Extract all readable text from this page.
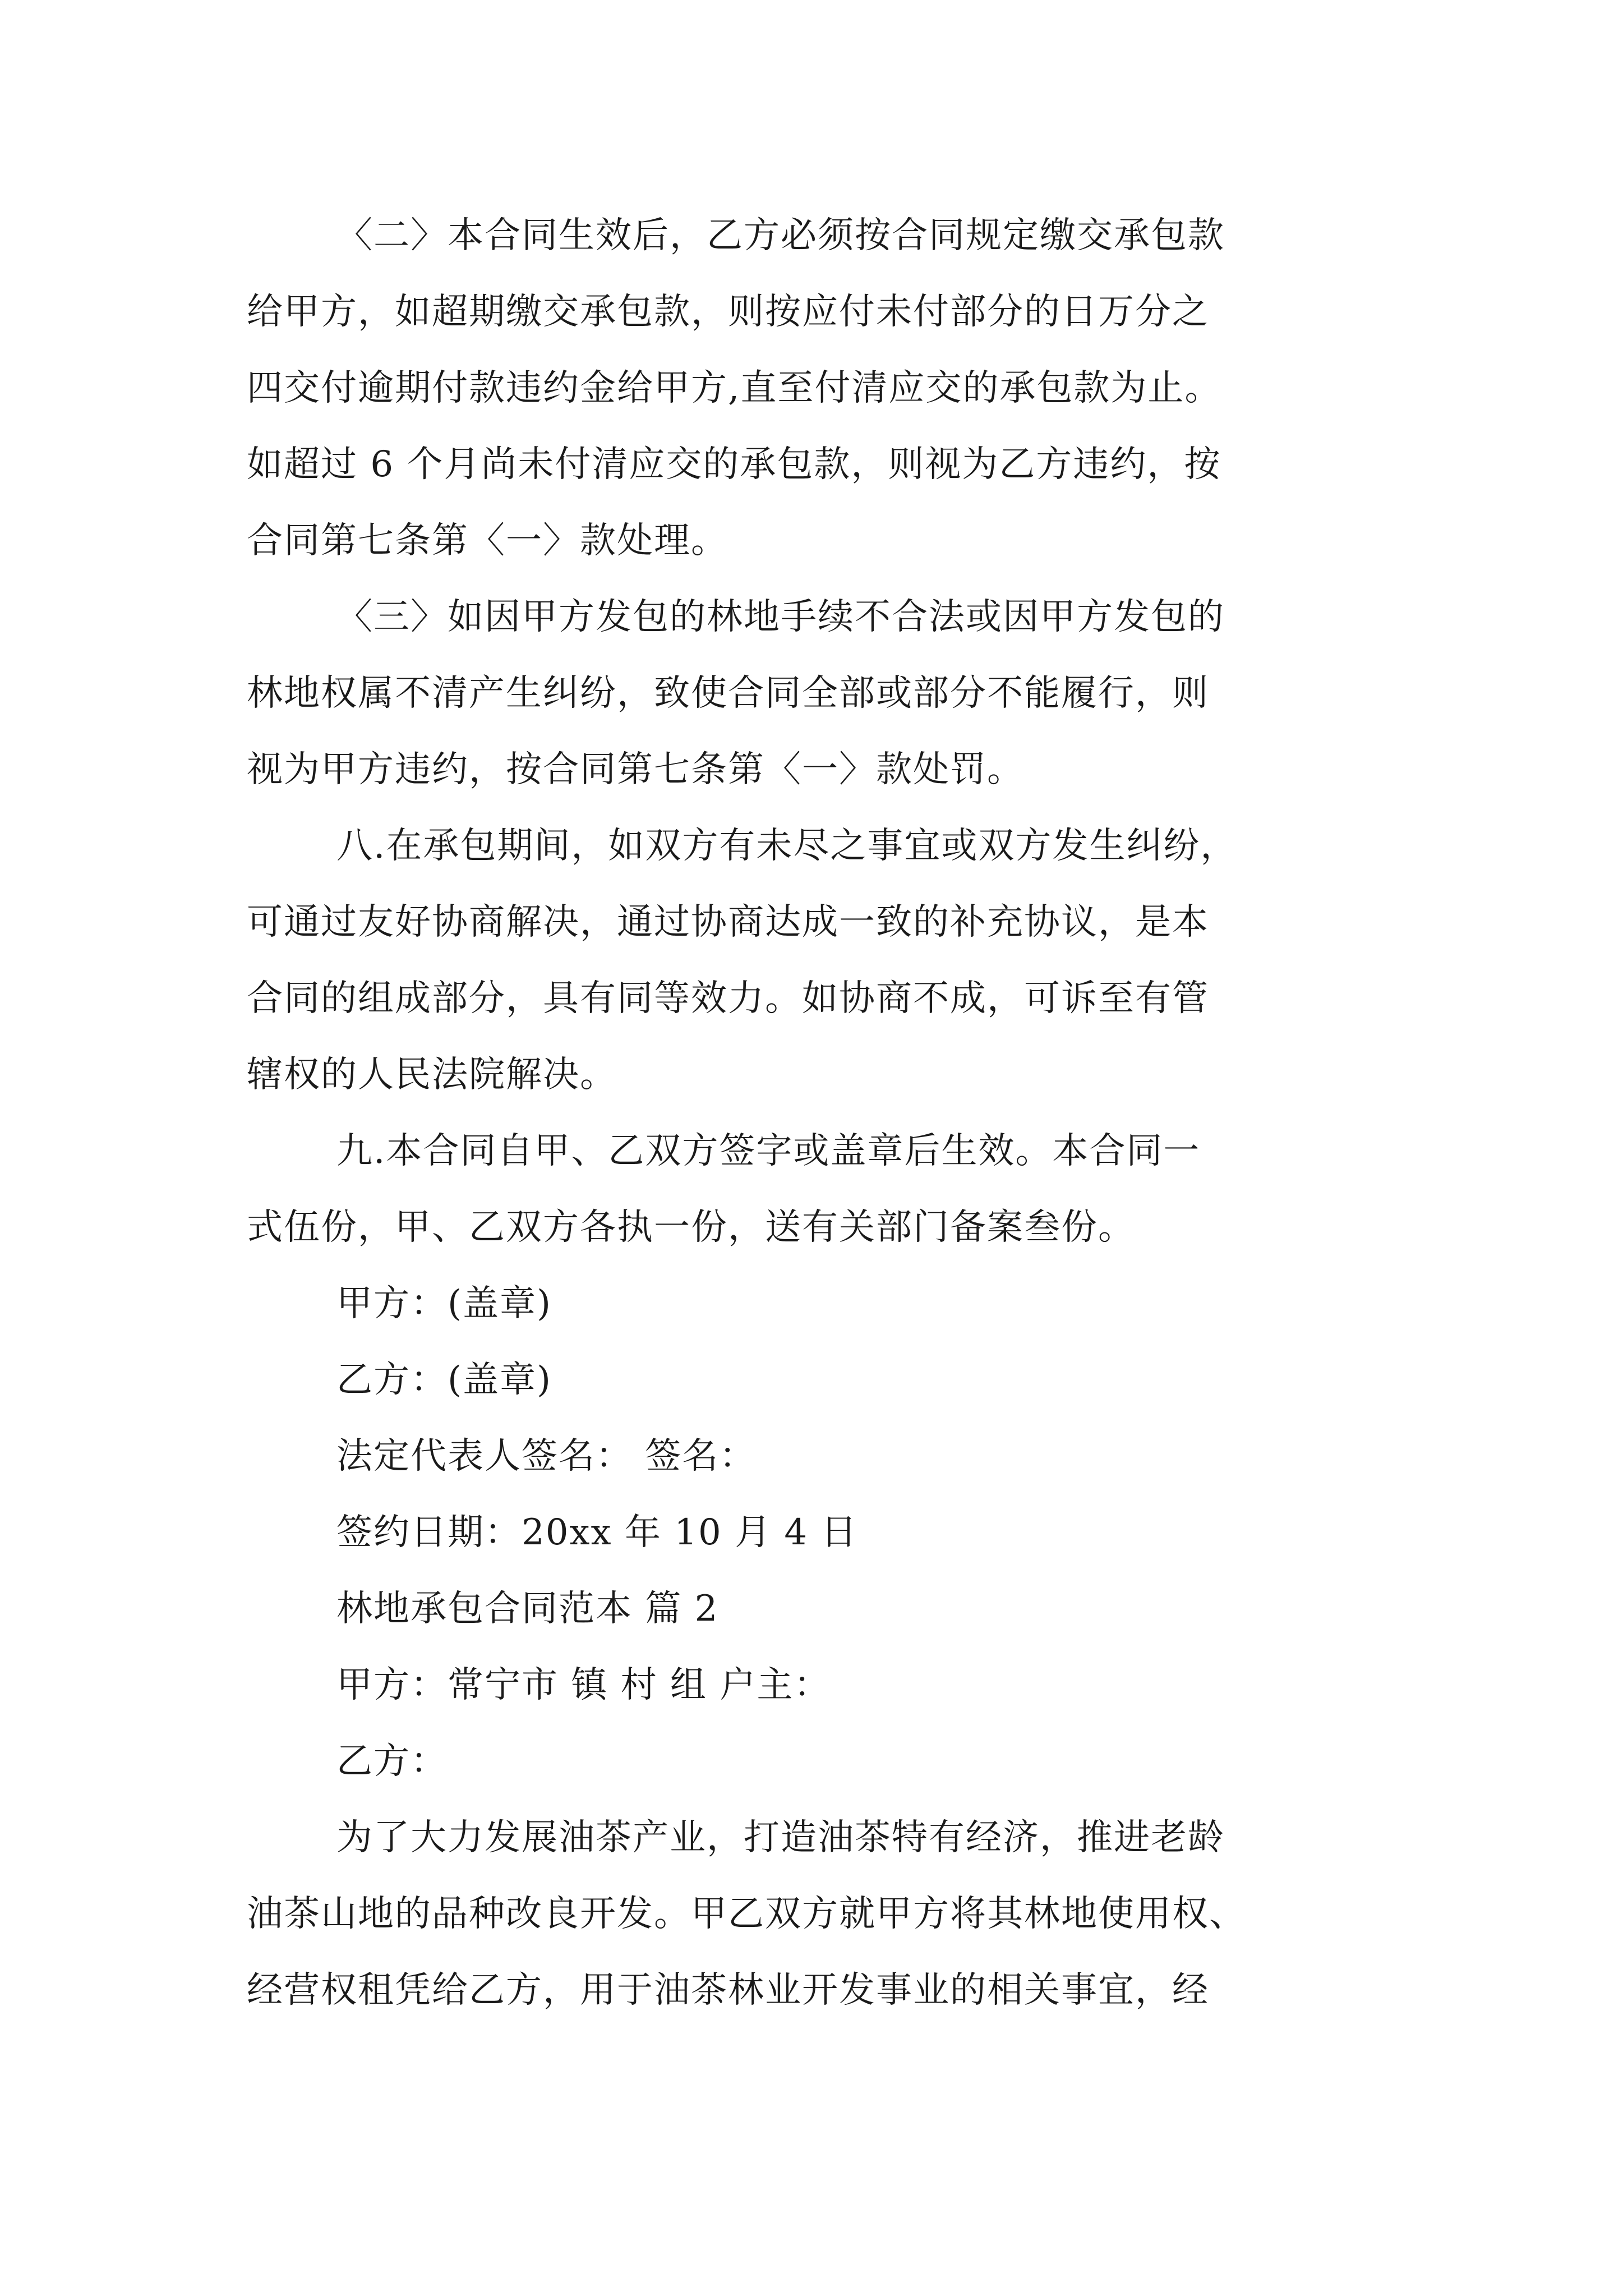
〈二〉本合同生效后，乙方必须按合同规定缴交承包款
给甲方，如超期缴交承包款，则按应付未付部分的日万分之
四交付逾期付款违约金给甲方,直至付清应交的承包款为止。
如超过 6 个月尚未付清应交的承包款，则视为乙方违约，按
合同第七条第〈一〉款处理。
〈三〉如因甲方发包的林地手续不合法或因甲方发包的
林地权属不清产生纠纷，致使合同全部或部分不能履行，则
视为甲方违约，按合同第七条第〈一〉款处罚。
八.在承包期间，如双方有未尽之事宜或双方发生纠纷，
可通过友好协商解决，通过协商达成一致的补充协议，是本
合同的组成部分，具有同等效力。如协商不成，可诉至有管
辖权的人民法院解决。
九.本合同自甲、乙双方签字或盖章后生效。本合同一
式伍份，甲、乙双方各执一份，送有关部门备案叁份。
甲方：(盖章)
乙方：(盖章)
法定代表人签名： 签名：
签约日期：20xx 年 10 月 4 日
林地承包合同范本 篇 2
甲方：常宁市 镇 村 组 户主：
乙方：
为了大力发展油茶产业，打造油茶特有经济，推进老龄
油茶山地的品种改良开发。甲乙双方就甲方将其林地使用权、
经营权租凭给乙方，用于油茶林业开发事业的相关事宜，经
